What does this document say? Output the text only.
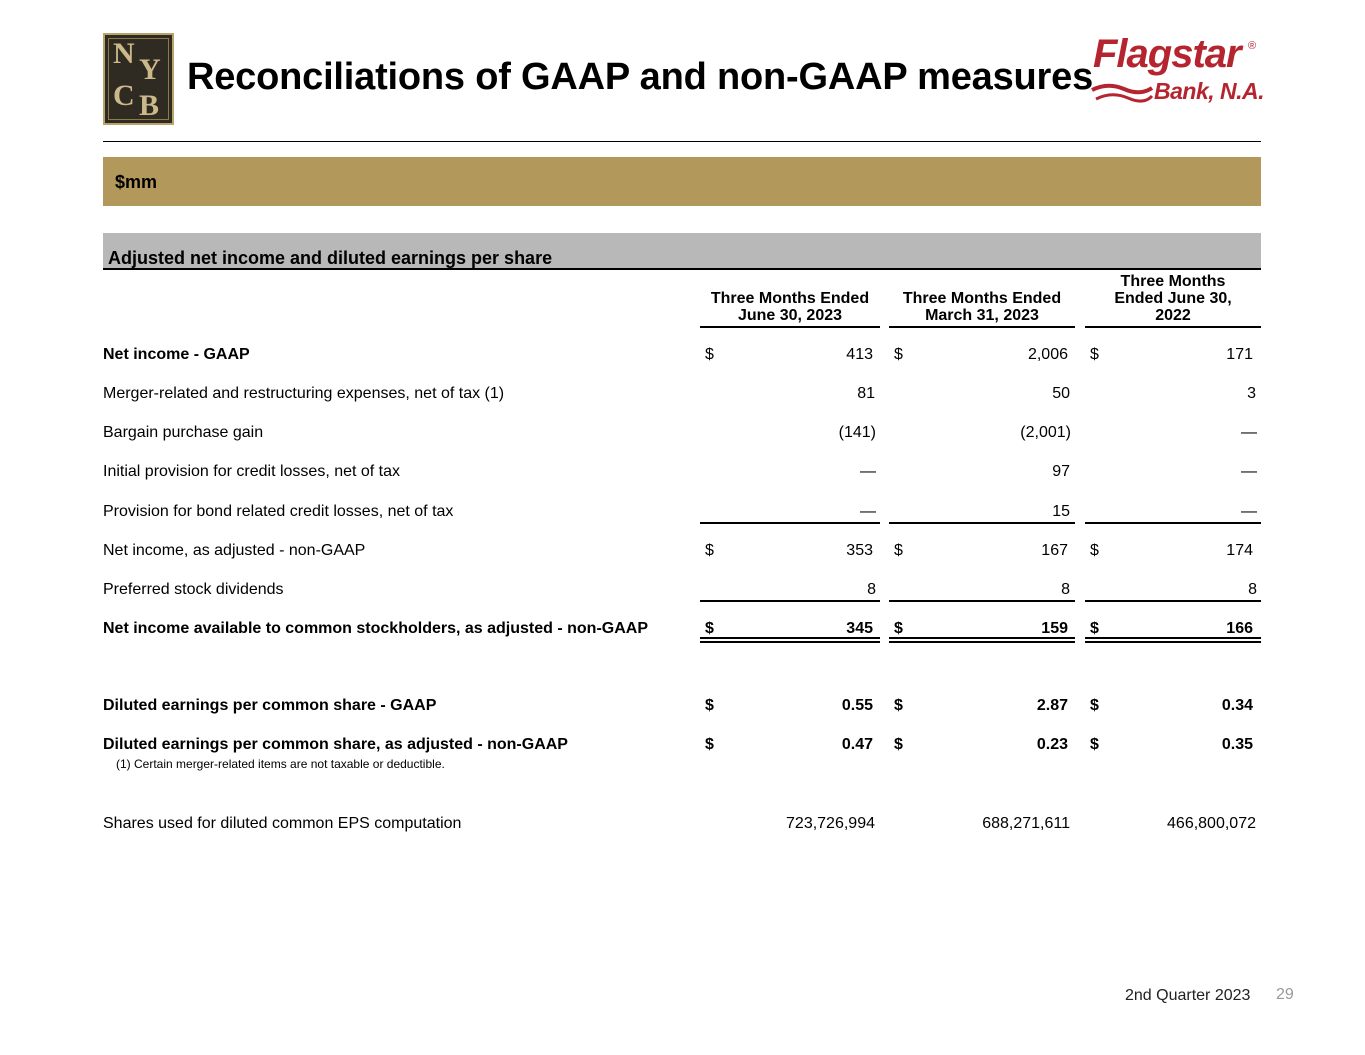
N Y
C B
Reconciliations of GAAP and non-GAAP measures
Flagstar ®
Bank, N.A.
$mm
Adjusted net income and diluted earnings per share
Three Months Ended
June 30, 2023
Three Months Ended
March 31, 2023
Three Months
Ended June 30,
2022
Net income - GAAP	$	413 $	2,006 $	171
Merger-related and restructuring expenses, net of tax (1)	81	50	3
Bargain purchase gain	(141)	(2,001)	—
Initial provision for credit losses, net of tax	—	97	—
Provision for bond related credit losses, net of tax	—	15	—
Net income, as adjusted - non-GAAP	$	353 $	167 $	174
Preferred stock dividends	8	8	8
Net income available to common stockholders, as adjusted - non-GAAP	$	345 $	159 $	166
Diluted earnings per common share - GAAP	$	0.55 $	2.87 $	0.34
Diluted earnings per common share, as adjusted - non-GAAP	$	0.47 $	0.23 $	0.35
(1) Certain merger-related items are not taxable or deductible.
Shares used for diluted common EPS computation	723,726,994	688,271,611	466,800,072
2nd Quarter 2023 29
